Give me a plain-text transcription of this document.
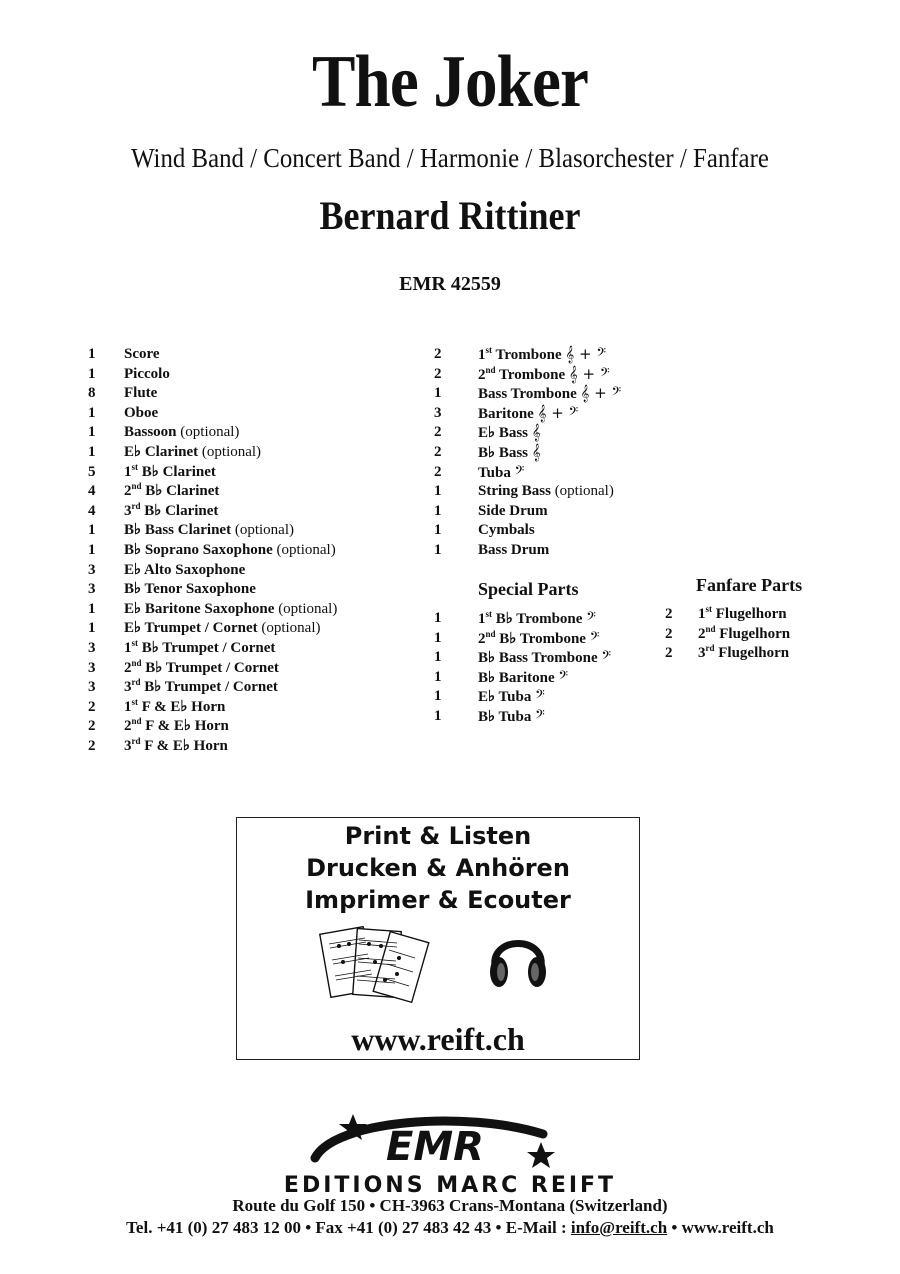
The Joker
Wind Band / Concert Band / Harmonie / Blasorchester / Fanfare
Bernard Rittiner
EMR 42559
1 Score
1 Piccolo
8 Flute
1 Oboe
1 Bassoon (optional)
1 E♭ Clarinet (optional)
5 1st B♭ Clarinet
4 2nd B♭ Clarinet
4 3rd B♭ Clarinet
1 B♭ Bass Clarinet (optional)
1 B♭ Soprano Saxophone (optional)
3 E♭ Alto Saxophone
3 B♭ Tenor Saxophone
1 E♭ Baritone Saxophone (optional)
1 E♭ Trumpet / Cornet (optional)
3 1st B♭ Trumpet / Cornet
3 2nd B♭ Trumpet / Cornet
3 3rd B♭ Trumpet / Cornet
2 1st F & E♭ Horn
2 2nd F & E♭ Horn
2 3rd F & E♭ Horn
2 1st Trombone 𝄞 + 𝄢
2 2nd Trombone 𝄞 + 𝄢
1 Bass Trombone 𝄞 + 𝄢
3 Baritone 𝄞 + 𝄢
2 E♭ Bass 𝄞
2 B♭ Bass 𝄞
2 Tuba 𝄢
1 String Bass (optional)
1 Side Drum
1 Cymbals
1 Bass Drum
Special Parts
1 1st B♭ Trombone 𝄢
1 2nd B♭ Trombone 𝄢
1 B♭ Bass Trombone 𝄢
1 B♭ Baritone 𝄢
1 E♭ Tuba 𝄢
1 B♭ Tuba 𝄢
Fanfare Parts
2 1st Flugelhorn
2 2nd Flugelhorn
2 3rd Flugelhorn
Print & Listen
Drucken & Anhören
Imprimer & Ecouter
www.reift.ch
EMR
EDITIONS MARC REIFT
Route du Golf 150 • CH-3963 Crans-Montana (Switzerland)
Tel. +41 (0) 27 483 12 00 • Fax +41 (0) 27 483 42 43 • E-Mail : info@reift.ch • www.reift.ch
